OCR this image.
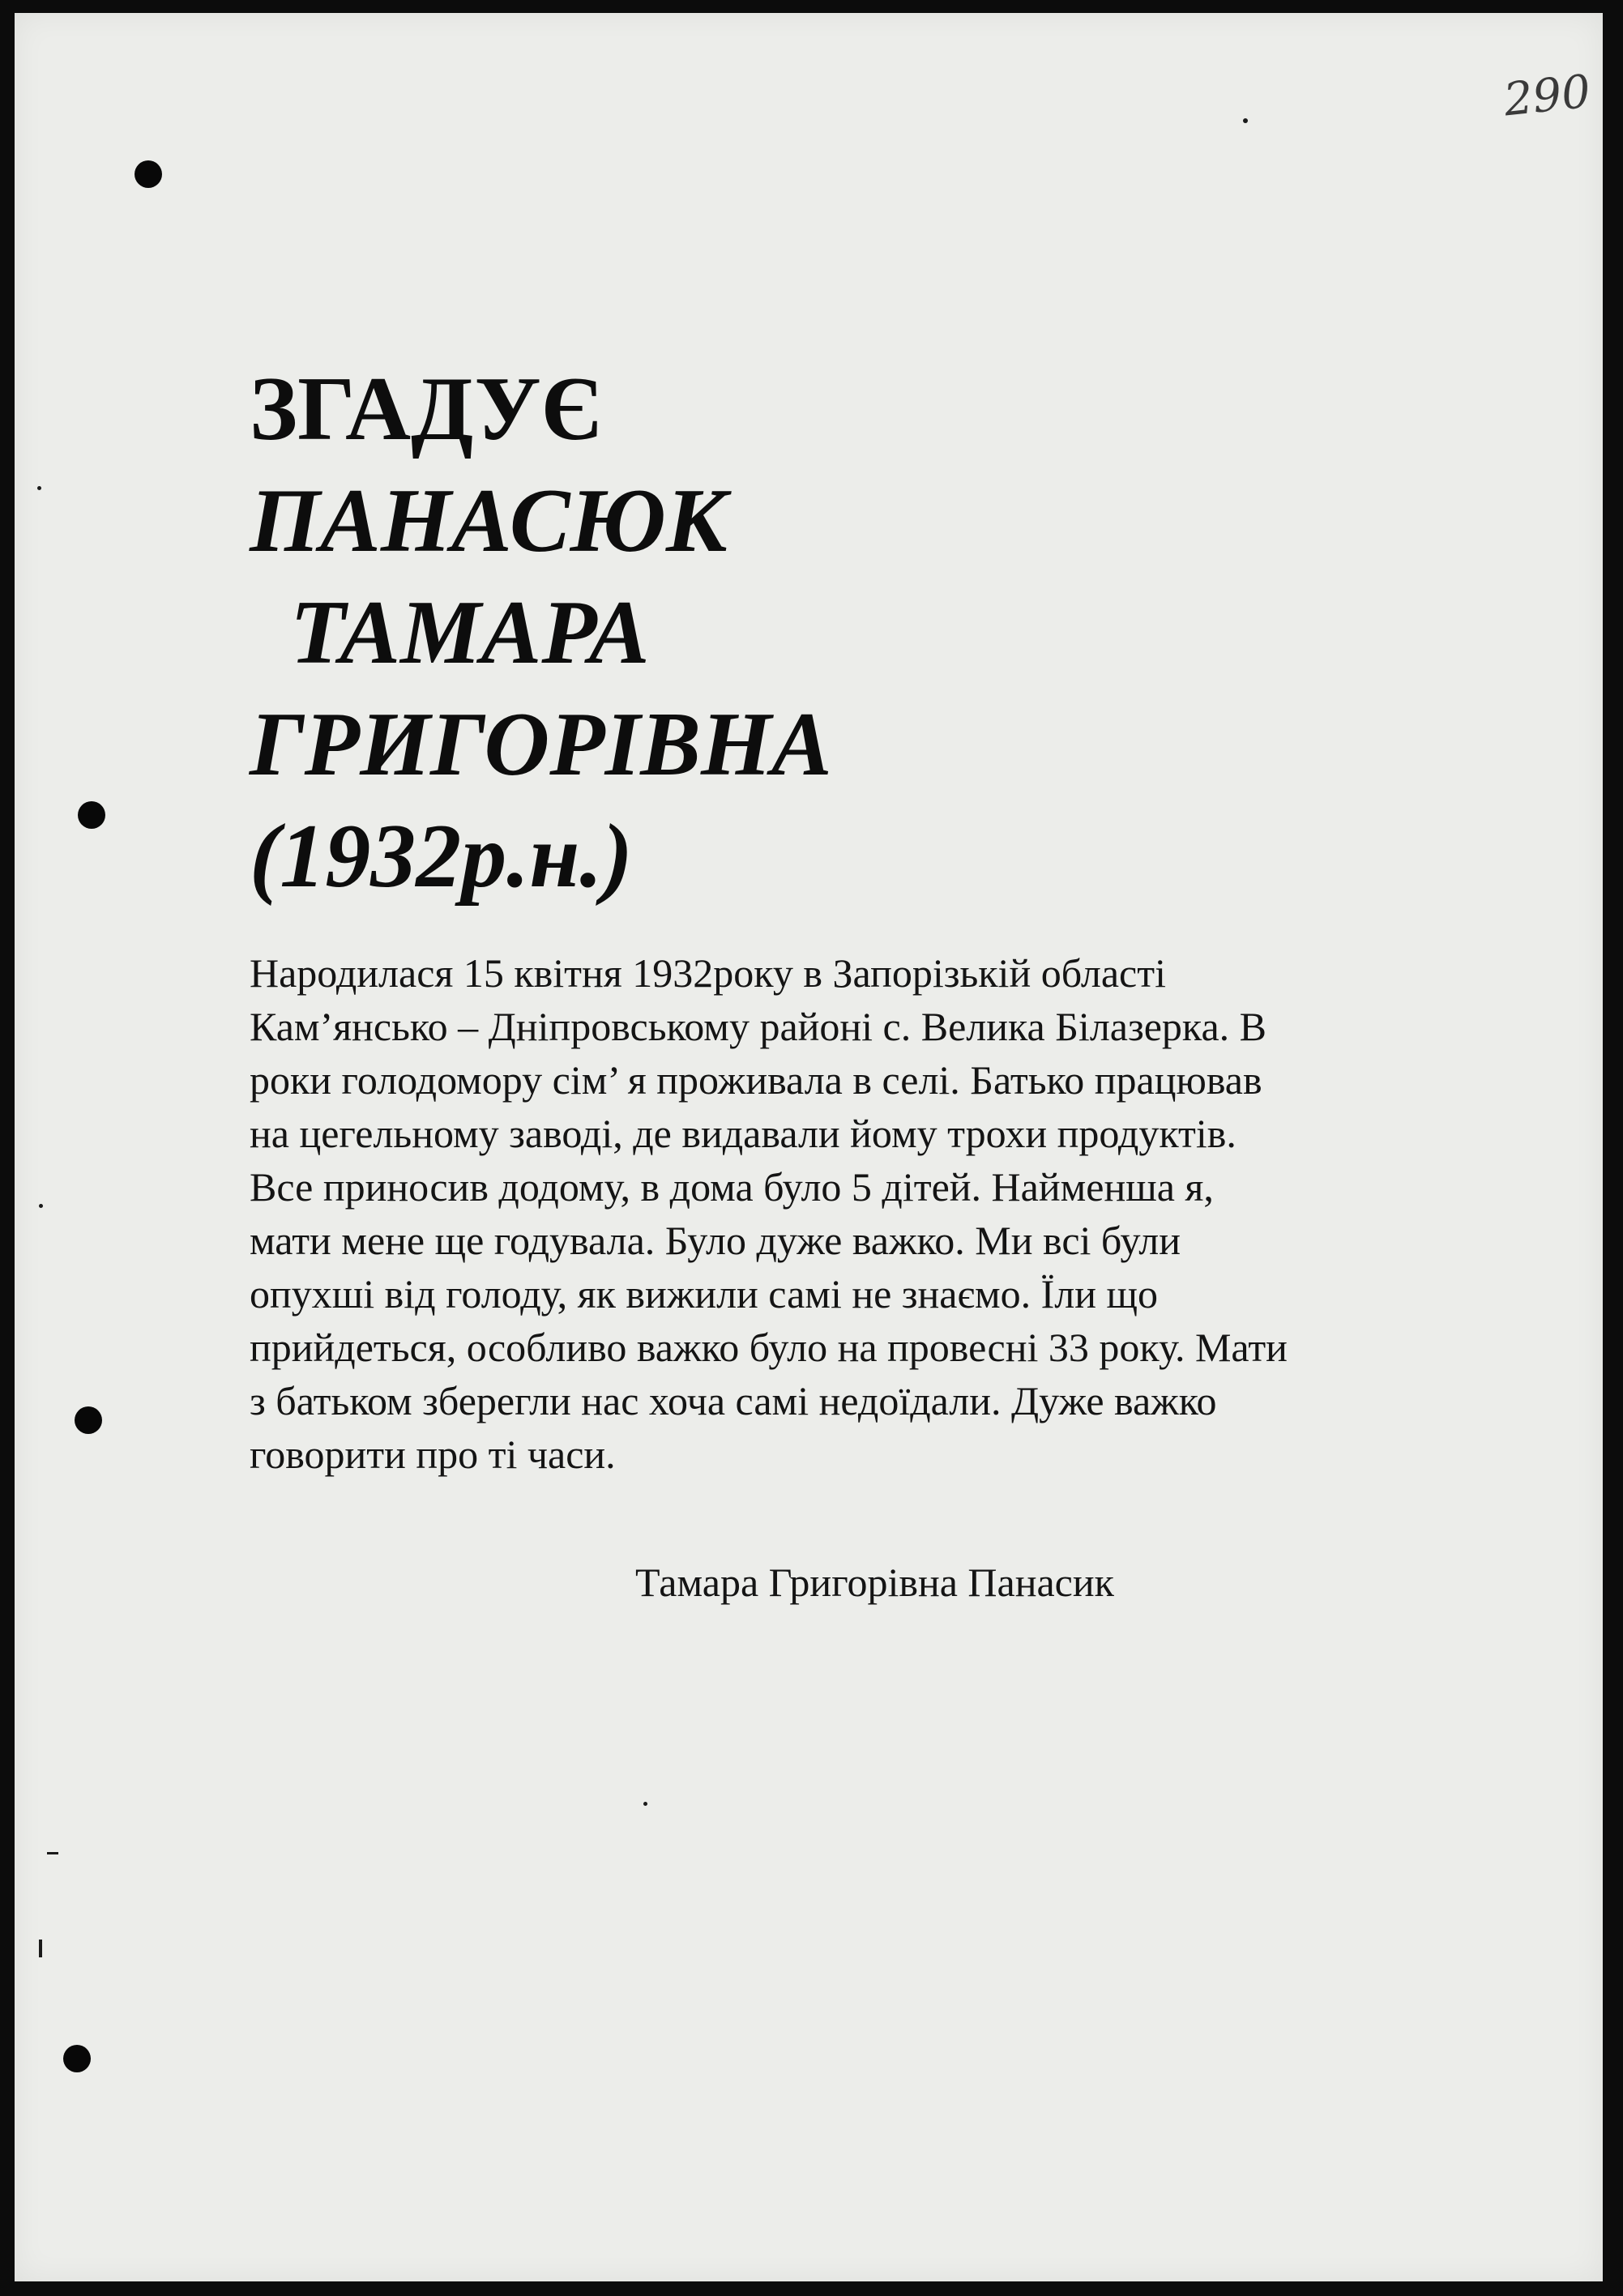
290
ЗГАДУЄ
ПАНАСЮК
ТАМАРА
ГРИГОРІВНА
(1932р.н.)
Народилася 15 квітня 1932року в Запорізькій області
Кам’янсько – Дніпровському районі с. Велика Білазерка. В
роки голодомору сім’ я проживала в селі. Батько працював
на цегельному заводі, де видавали йому трохи продуктів.
Все приносив додому, в дома було 5 дітей. Найменша я,
мати мене ще годувала. Було дуже важко. Ми всі були
опухші від голоду, як вижили самі не знаємо. Їли що
прийдеться, особливо важко було на провесні 33 року. Мати
з батьком зберегли нас хоча самі недоїдали. Дуже важко
говорити про ті часи.
Тамара Григорівна Панасик
